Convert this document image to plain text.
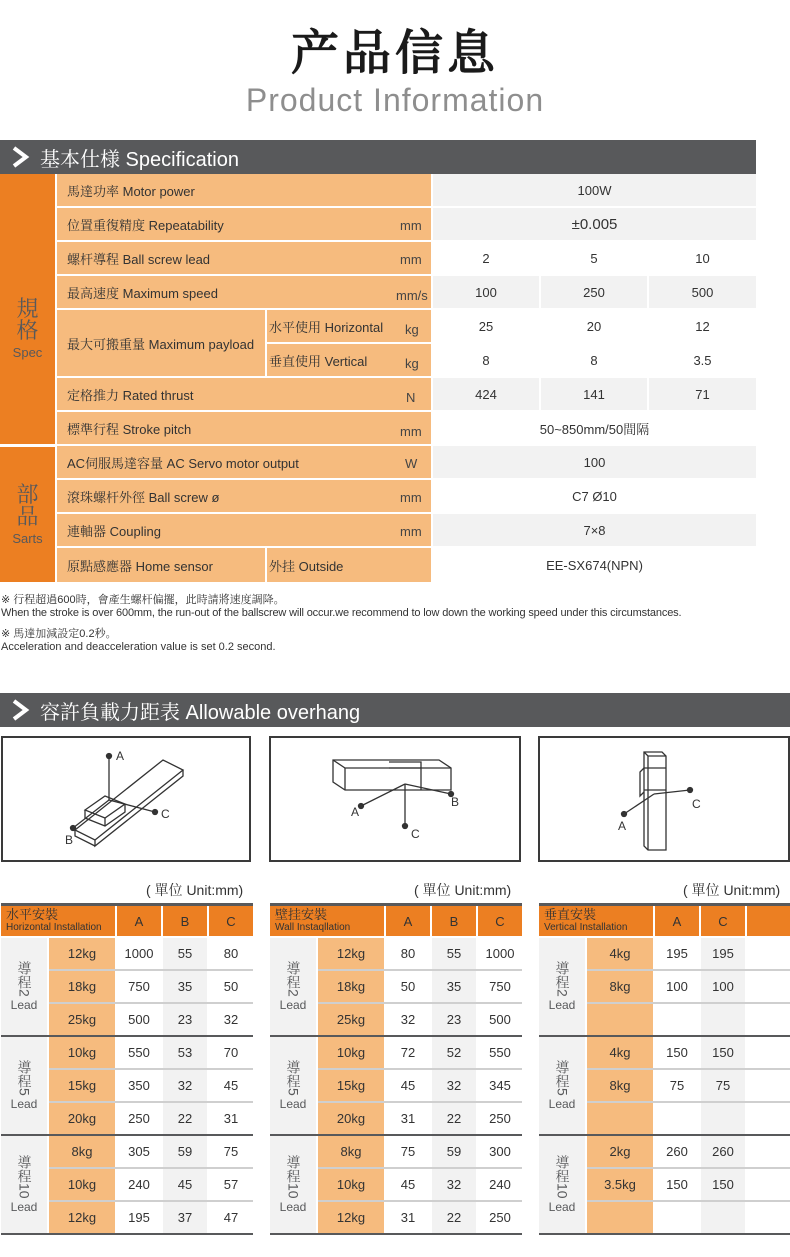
产品信息
Product Information
基本仕様 Specification
規
格
Spec
部
品
Sarts
馬達功率 Motor power	100W
位置重復精度 Repeatability	mm	±0.005
螺杆導程 Ball screw lead	mm	2	5	10
最高速度 Maximum speed	mm/s	100	250	500
最大可搬重量 Maximum payload
水平使用 Horizontal kg	25	20	12
垂直使用 Vertical	kg	8	8	3.5
定格推力 Rated thrust	N	424	141	71
標準行程 Stroke pitch	mm	50~850mm/50間隔
AC伺服馬達容量 AC Servo motor output	W	100
滾珠螺杆外徑 Ball screw ø	mm	C7 Ø10
連軸器 Coupling	mm	7×8
原點感應器 Home sensor	外挂 Outside	EE-SX674(NPN)
※ 行程超過600時，會產生螺杆偏擺，此時請將速度調降。
When the stroke is over 600mm, the run-out of the ballscrew will occur.we recommend to low down the working speed under this circumstances.
※ 馬達加減設定0.2秒。
Acceleration and deacceleration value is set 0.2 second.
容許負載力距表 Allowable overhang
A
C
B	C
A
B	C
A
( 單位 Unit:mm)	( 單位 Unit:mm)	( 單位 Unit:mm)
水平安裝
Horizontal Installation	A	B	C
導程2
Lead
12kg	1000	55	80
18kg	750	35	50
25kg	500	23	32
導程5
Lead
10kg	550	53	70
15kg	350	32	45
20kg	250	22	31
導程10
Lead
8kg	305	59	75
10kg	240	45	57
12kg	195	37	47
壁挂安裝
Wall Instaqllation	A	B	C
導程2
Lead
12kg	80	55	1000
18kg	50	35	750
25kg	32	23	500
導程5
Lead
10kg	72	52	550
15kg	45	32	345
20kg	31	22	250
導程10
Lead
8kg	75	59	300
10kg	45	32	240
12kg	31	22	250
垂直安裝
Vertical Installation	A	C
導程2
Lead
4kg	195	195
8kg	100	100
導程5
Lead
4kg	150	150
8kg	75	75
導程10
Lead
2kg	260	260
3.5kg	150	150
